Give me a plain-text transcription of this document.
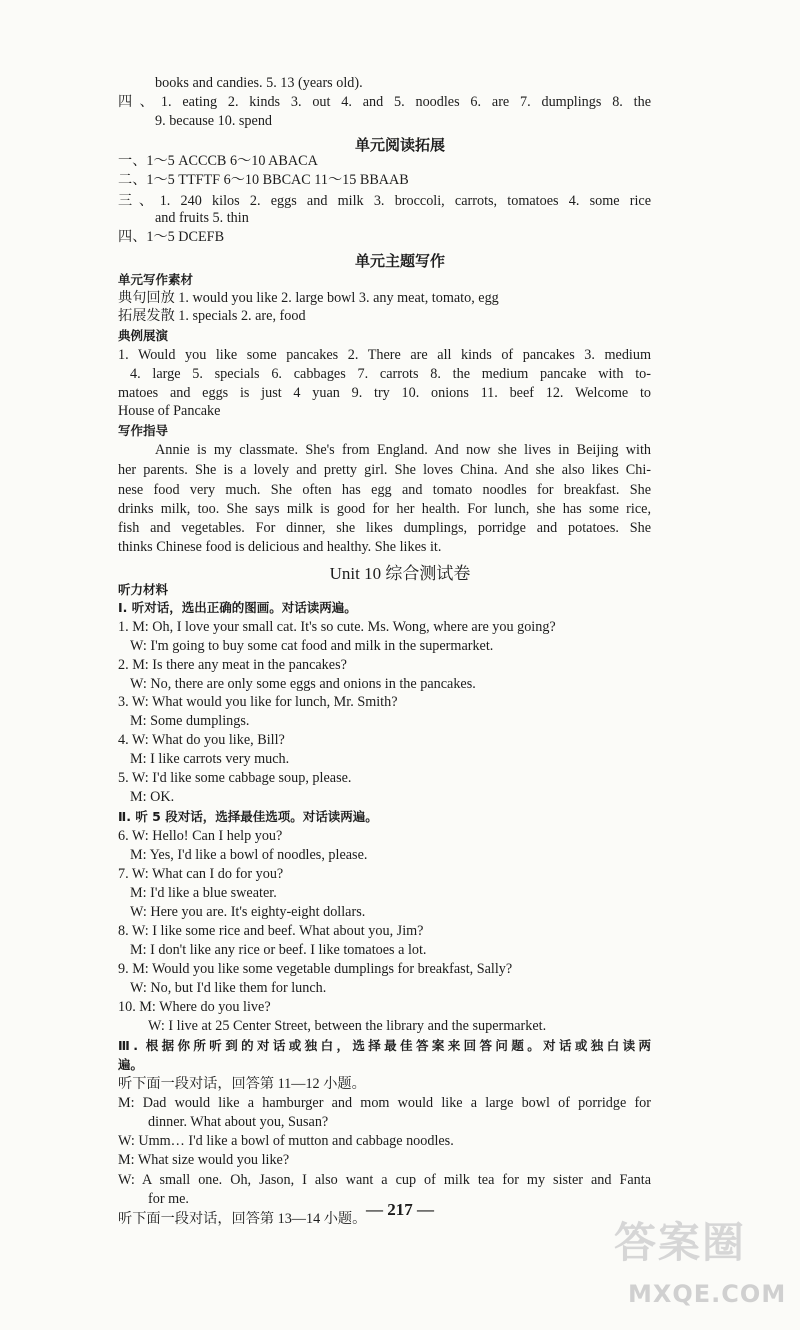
books and candies. 5. 13 (years old).
四、1. eating 2. kinds 3. out 4. and 5. noodles 6. are 7. dumplings 8. the
9. because 10. spend
单元阅读拓展
一、1～5 ACCCB 6～10 ABACA
二、1～5 TTFTF 6～10 BBCAC 11～15 BBAAB
三、1. 240 kilos 2. eggs and milk 3. broccoli, carrots, tomatoes 4. some rice
and fruits 5. thin
四、1～5 DCEFB
单元主题写作
单元写作素材
典句回放 1. would you like 2. large bowl 3. any meat, tomato, egg
拓展发散 1. specials 2. are, food
典例展演
1. Would you like some pancakes 2. There are all kinds of pancakes 3. medium
4. large 5. specials 6. cabbages 7. carrots 8. the medium pancake with to-
matoes and eggs is just 4 yuan 9. try 10. onions 11. beef 12. Welcome to
House of Pancake
写作指导
Annie is my classmate. She's from England. And now she lives in Beijing with
her parents. She is a lovely and pretty girl. She loves China. And she also likes Chi-
nese food very much. She often has egg and tomato noodles for breakfast. She
drinks milk, too. She says milk is good for her health. For lunch, she has some rice,
fish and vegetables. For dinner, she likes dumplings, porridge and potatoes. She
thinks Chinese food is delicious and healthy. She likes it.
Unit 10 综合测试卷
听力材料
Ⅰ. 听对话，选出正确的图画。对话读两遍。
1. M: Oh, I love your small cat. It's so cute. Ms. Wong, where are you going?
W: I'm going to buy some cat food and milk in the supermarket.
2. M: Is there any meat in the pancakes?
W: No, there are only some eggs and onions in the pancakes.
3. W: What would you like for lunch, Mr. Smith?
M: Some dumplings.
4. W: What do you like, Bill?
M: I like carrots very much.
5. W: I'd like some cabbage soup, please.
M: OK.
Ⅱ. 听 5 段对话，选择最佳选项。对话读两遍。
6. W: Hello! Can I help you?
M: Yes, I'd like a bowl of noodles, please.
7. W: What can I do for you?
M: I'd like a blue sweater.
W: Here you are. It's eighty-eight dollars.
8. W: I like some rice and beef. What about you, Jim?
M: I don't like any rice or beef. I like tomatoes a lot.
9. M: Would you like some vegetable dumplings for breakfast, Sally?
W: No, but I'd like them for lunch.
10. M: Where do you live?
W: I live at 25 Center Street, between the library and the supermarket.
Ⅲ. 根据你所听到的对话或独白，选择最佳答案来回答问题。对话或独白读两
遍。
听下面一段对话，回答第 11—12 小题。
M: Dad would like a hamburger and mom would like a large bowl of porridge for
dinner. What about you, Susan?
W: Umm… I'd like a bowl of mutton and cabbage noodles.
M: What size would you like?
W: A small one. Oh, Jason, I also want a cup of milk tea for my sister and Fanta
for me.
听下面一段对话，回答第 13—14 小题。 — 217 —
答案圈
MXQE.COM
